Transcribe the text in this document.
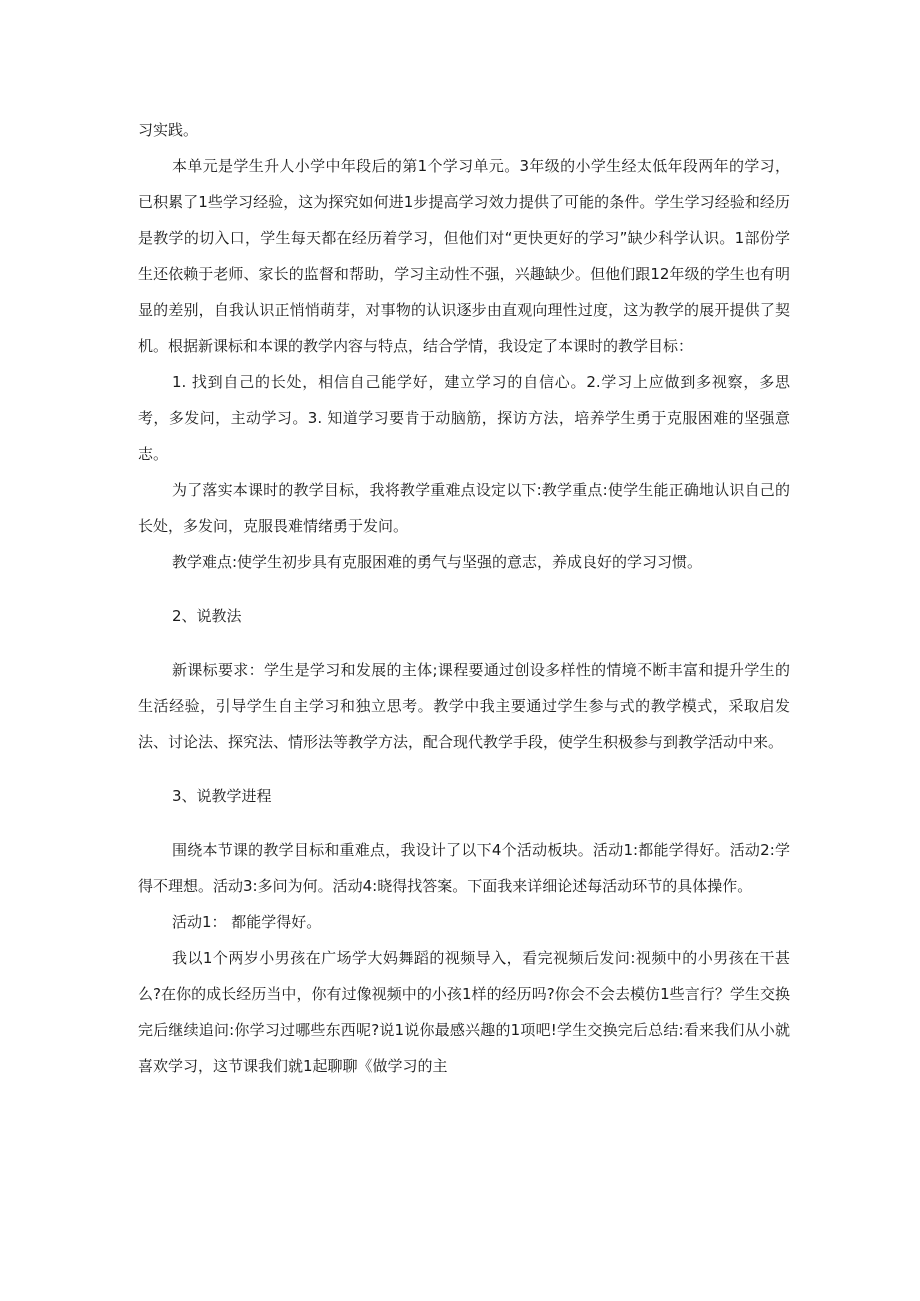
习实践。

本单元是学生升人小学中年段后的第1个学习单元。3年级的小学生经太低年段两年的学习，已积累了1些学习经验，这为探究如何进1步提高学习效力提供了可能的条件。学生学习经验和经历是教学的切入口，学生每天都在经历着学习，但他们对“更快更好的学习”缺少科学认识。1部份学生还依赖于老师、家长的监督和帮助，学习主动性不强，兴趣缺少。但他们跟12年级的学生也有明显的差别，自我认识正悄悄萌芽，对事物的认识逐步由直观向理性过度，这为教学的展开提供了契机。根据新课标和本课的教学内容与特点，结合学情，我设定了本课时的教学目标：

1. 找到自己的长处，相信自己能学好，建立学习的自信心。2.学习上应做到多视察，多思考，多发问，主动学习。3. 知道学习要肯于动脑筋，探访方法，培养学生勇于克服困难的坚强意志。

为了落实本课时的教学目标，我将教学重难点设定以下:教学重点:使学生能正确地认识自己的长处，多发问，克服畏难情绪勇于发问。

教学难点:使学生初步具有克服困难的勇气与坚强的意志，养成良好的学习习惯。

2、说教法

新课标要求：学生是学习和发展的主体;课程要通过创设多样性的情境不断丰富和提升学生的生活经验，引导学生自主学习和独立思考。教学中我主要通过学生参与式的教学模式，采取启发法、讨论法、探究法、情形法等教学方法，配合现代教学手段，使学生积极参与到教学活动中来。

3、说教学进程

围绕本节课的教学目标和重难点，我设计了以下4个活动板块。活动1:都能学得好。活动2:学得不理想。活动3:多问为何。活动4:晓得找答案。下面我来详细论述每活动环节的具体操作。

活动1： 都能学得好。

我以1个两岁小男孩在广场学大妈舞蹈的视频导入，看完视频后发问:视频中的小男孩在干甚么?在你的成长经历当中，你有过像视频中的小孩1样的经历吗?你会不会去模仿1些言行？学生交换完后继续追问:你学习过哪些东西呢?说1说你最感兴趣的1项吧!学生交换完后总结:看来我们从小就喜欢学习，这节课我们就1起聊聊《做学习的主
